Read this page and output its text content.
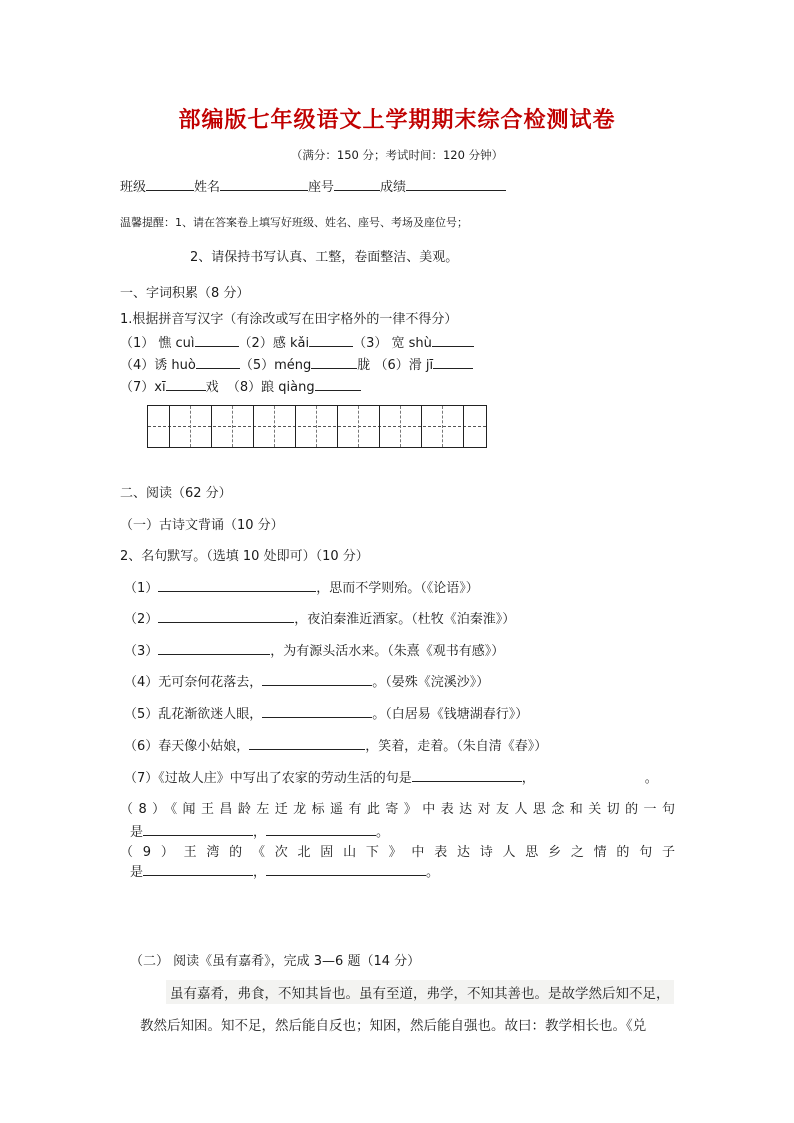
部编版七年级语文上学期期末综合检测试卷
（满分：150 分；考试时间：120 分钟）
班级	姓名	座号	成绩
温馨提醒：1、请在答案卷上填写好班级、姓名、座号、考场及座位号；
2、请保持书写认真、工整，卷面整洁、美观。
一、字词积累（8 分）
1.根据拼音写汉字（有涂改或写在田字格外的一律不得分）
（1） 憔 cuì	（2）感 kǎi	（3） 宽 shù
（4）诱 huò	（5）méng	胧 （6）滑 jī
（7）xī	戏 （8）踉 qiàng
二、阅读（62 分）
（一）古诗文背诵（10 分）
2、名句默写。（选填 10 处即可）（10 分）
（1）	，思而不学则殆。（《论语》）
（2）	，夜泊秦淮近酒家。（杜牧《泊秦淮》）
（3）	，为有源头活水来。（朱熹《观书有感》）
（4）无可奈何花落去，	。（晏殊《浣溪沙》）
（5）乱花渐欲迷人眼，	。（白居易《钱塘湖春行》）
（6）春天像小姑娘，	，笑着，走着。（朱自清《春》）
（7）《过故人庄》中写出了农家的劳动生活的句是	，	。
（8）《闻王昌龄左迁龙标遥有此寄》中表达对友人思念和关切的一句
是	，	。
（9）王湾的《次北固山下》中表达诗人思乡之情的句子
是	，	。
（二） 阅读《虽有嘉肴》，完成 3—6 题（14 分）
虽有嘉肴，弗食，不知其旨也。虽有至道，弗学，不知其善也。是故学然后知不足，
教然后知困。知不足，然后能自反也；知困，然后能自强也。故曰：教学相长也。《兑
